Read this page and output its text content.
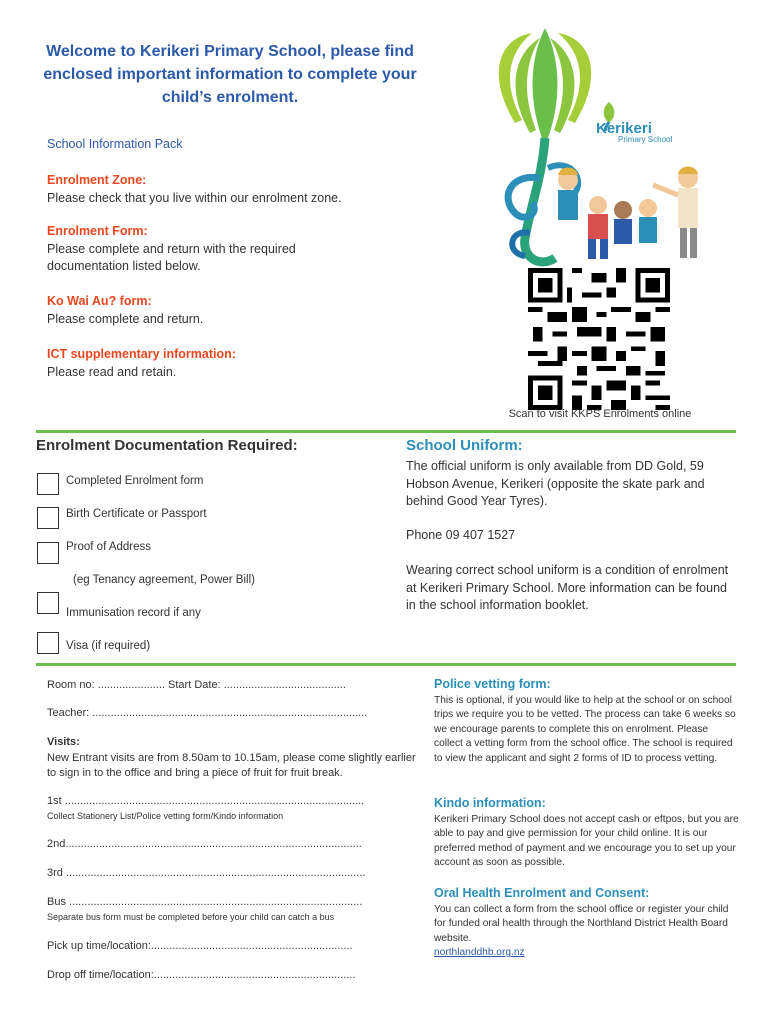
Welcome to Kerikeri Primary School, please find enclosed important information to complete your child’s enrolment.
School Information Pack
Enrolment Zone:
Please check that you live within our enrolment zone.
Enrolment Form:
Please complete and return with the required documentation listed below.
Ko Wai Au? form:
Please complete and return.
ICT supplementary information:
Please read and retain.
Kerikeri
Primary School
Scan to visit KKPS Enrolments online
Enrolment Documentation Required:	School Uniform:
Completed Enrolment form
Birth Certificate or Passport
Proof of Address
(eg Tenancy agreement, Power Bill)
Immunisation record if any
Visa (if required)
The official uniform is only available from DD Gold, 59 Hobson Avenue, Kerikeri (opposite the skate park and behind Good Year Tyres).
Phone 09 407 1527
Wearing correct school uniform is a condition of enrolment at Kerikeri Primary School. More information can be found in the school information booklet.
Room no: ...................... Start Date: ........................................
Teacher: ..........................................................................................
Visits:
New Entrant visits are from 8.50am to 10.15am, please come slightly earlier to sign in to the office and bring a piece of fruit for fruit break.
1st ..................................................................................................
Collect Stationery List/Police vetting form/Kindo information
2nd.................................................................................................
3rd ..................................................................................................
Bus ................................................................................................
Separate bus form must be completed before your child can catch a bus
Pick up time/location:..................................................................
Drop off time/location:..................................................................
Police vetting form:
This is optional, if you would like to help at the school or on school trips we require you to be vetted. The process can take 6 weeks so we encourage parents to complete this on enrolment. Please collect a vetting form from the school office. The school is required to view the applicant and sight 2 forms of ID to process vetting.
Kindo information:
Kerikeri Primary School does not accept cash or eftpos, but you are able to pay and give permission for your child online. It is our preferred method of payment and we encourage you to set up your account as soon as possible.
Oral Health Enrolment and Consent:
You can collect a form from the school office or register your child for funded oral health through the Northland District Health Board website.
northlanddhb.org.nz
